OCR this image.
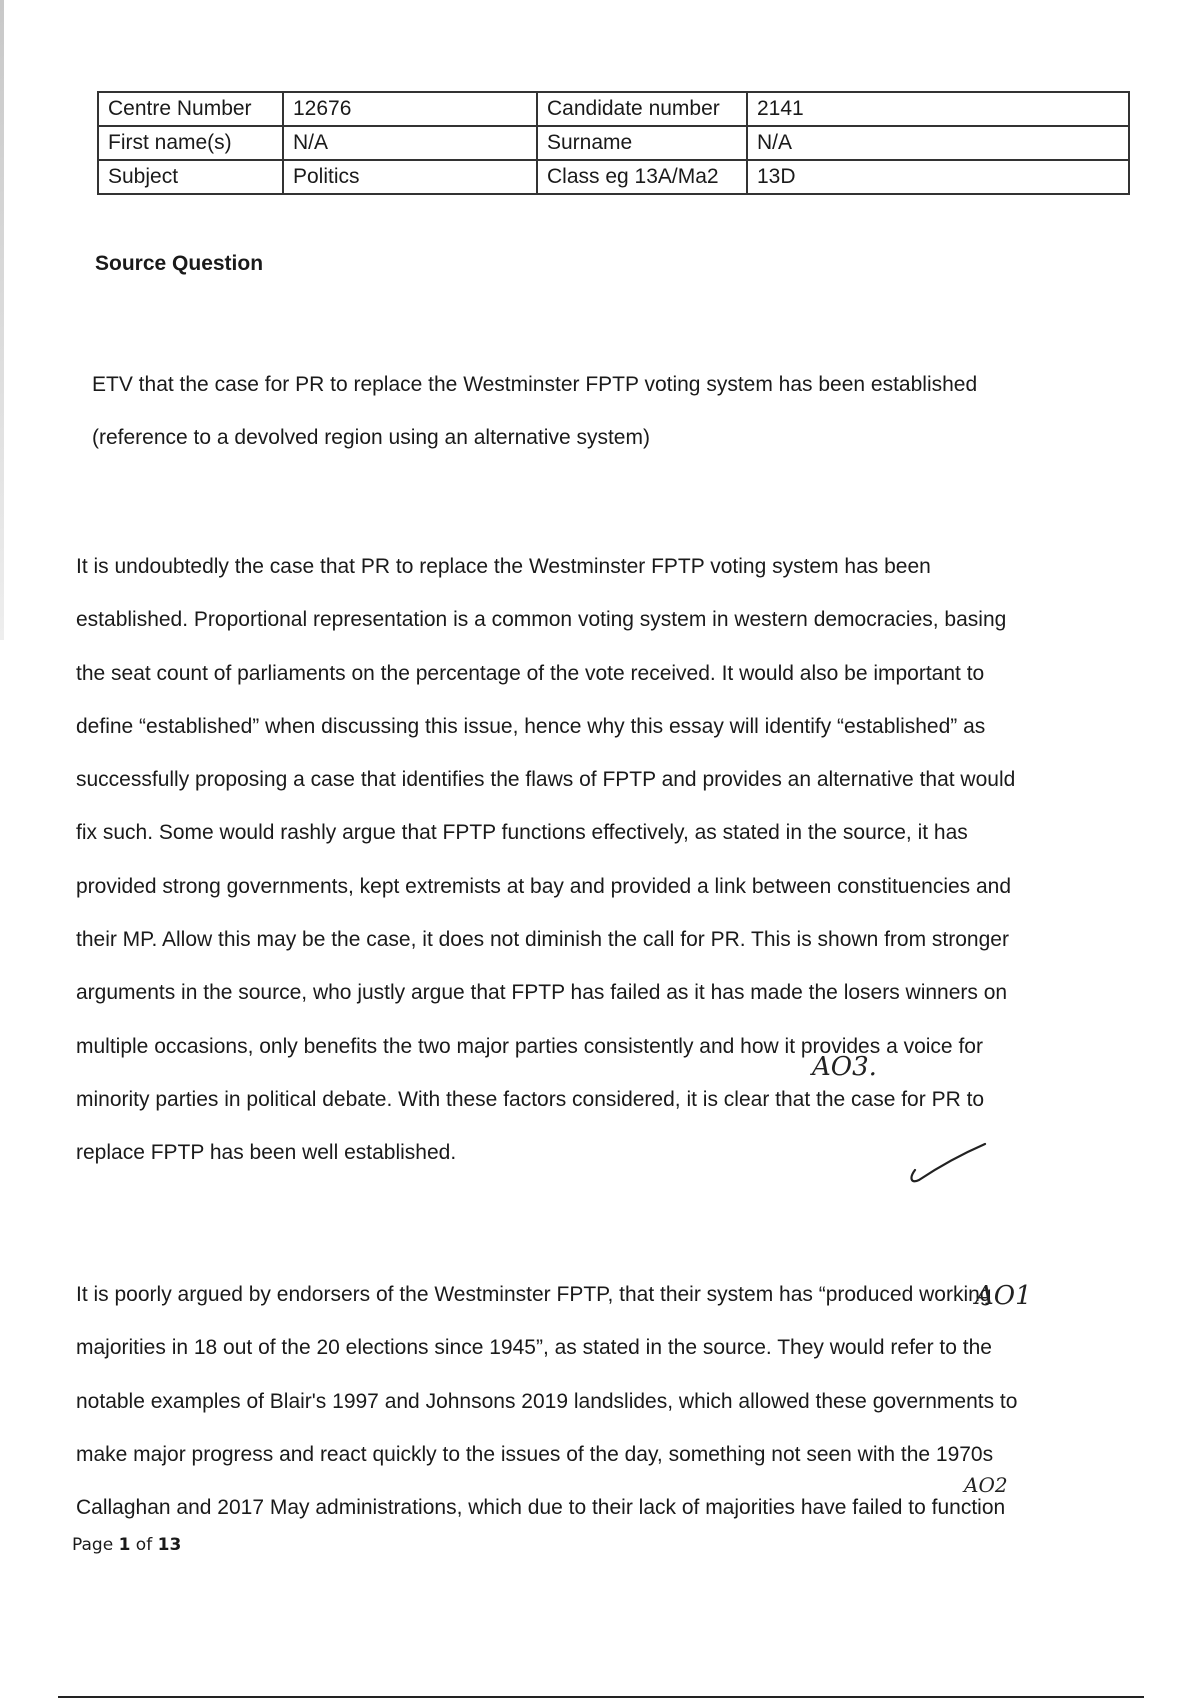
Centre Number	12676	Candidate number	2141
First name(s)	N/A	Surname	N/A
Subject	Politics	Class eg 13A/Ma2	13D
Source Question

ETV that the case for PR to replace the Westminster FPTP voting system has been established

(reference to a devolved region using an alternative system)

It is undoubtedly the case that PR to replace the Westminster FPTP voting system has been

established. Proportional representation is a common voting system in western democracies, basing

the seat count of parliaments on the percentage of the vote received. It would also be important to

define “established” when discussing this issue, hence why this essay will identify “established” as

successfully proposing a case that identifies the flaws of FPTP and provides an alternative that would

fix such. Some would rashly argue that FPTP functions effectively, as stated in the source, it has

provided strong governments, kept extremists at bay and provided a link between constituencies and

their MP. Allow this may be the case, it does not diminish the call for PR. This is shown from stronger

arguments in the source, who justly argue that FPTP has failed as it has made the losers winners on

multiple occasions, only benefits the two major parties consistently and how it provides a voice for

minority parties in political debate. With these factors considered, it is clear that the case for PR to

replace FPTP has been well established.

AO3.

It is poorly argued by endorsers of the Westminster FPTP, that their system has “produced working

majorities in 18 out of the 20 elections since 1945”, as stated in the source. They would refer to the

notable examples of Blair's 1997 and Johnsons 2019 landslides, which allowed these governments to

make major progress and react quickly to the issues of the day, something not seen with the 1970s

Callaghan and 2017 May administrations, which due to their lack of majorities have failed to function

AO1
AO2
Page 1 of 13
